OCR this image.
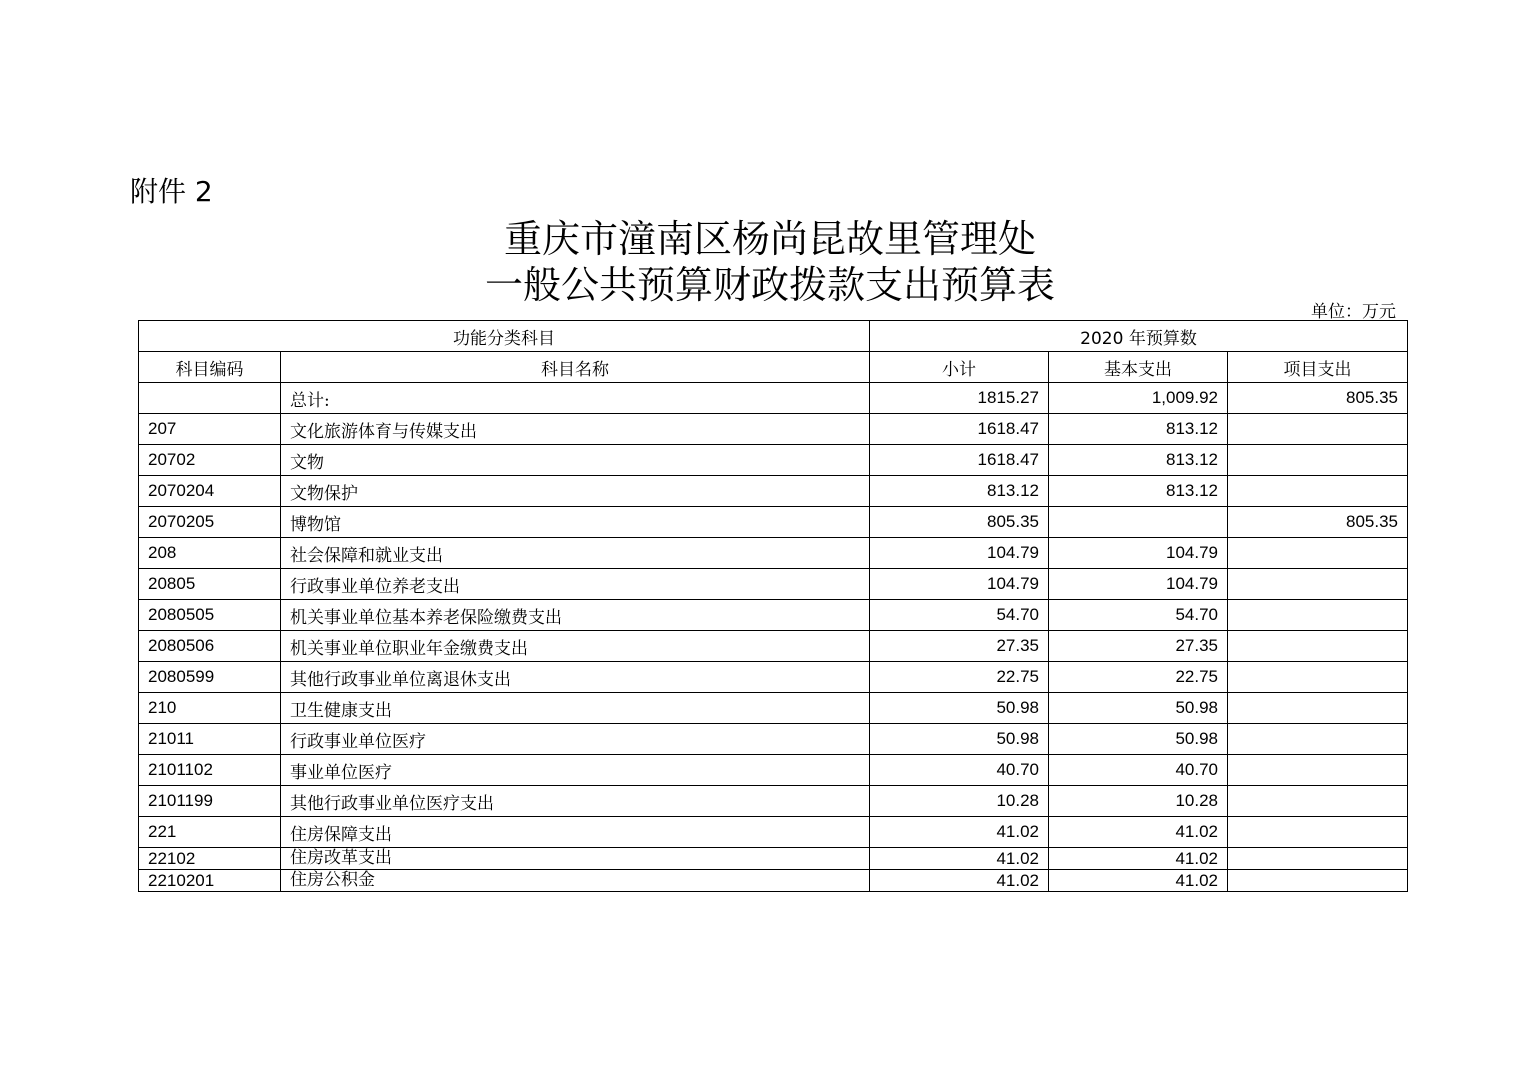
附件 2
重庆市潼南区杨尚昆故里管理处
一般公共预算财政拨款支出预算表
单位：万元
功能分类科目		2020 年预算数		
科目编码	科目名称	小计	基本支出	项目支出
	总计:	1815.27	1,009.92	805.35
207	文化旅游体育与传媒支出	1618.47	813.12	
20702	文物	1618.47	813.12	
2070204	文物保护	813.12	813.12	
2070205	博物馆	805.35		805.35
208	社会保障和就业支出	104.79	104.79	
20805	行政事业单位养老支出	104.79	104.79	
2080505	机关事业单位基本养老保险缴费支出	54.70	54.70	
2080506	机关事业单位职业年金缴费支出	27.35	27.35	
2080599	其他行政事业单位离退休支出	22.75	22.75	
210	卫生健康支出	50.98	50.98	
21011	行政事业单位医疗	50.98	50.98	
2101102	事业单位医疗	40.70	40.70	
2101199	其他行政事业单位医疗支出	10.28	10.28	
221	住房保障支出	41.02	41.02	
22102	住房改革支出	41.02	41.02	
2210201	住房公积金	41.02	41.02	
